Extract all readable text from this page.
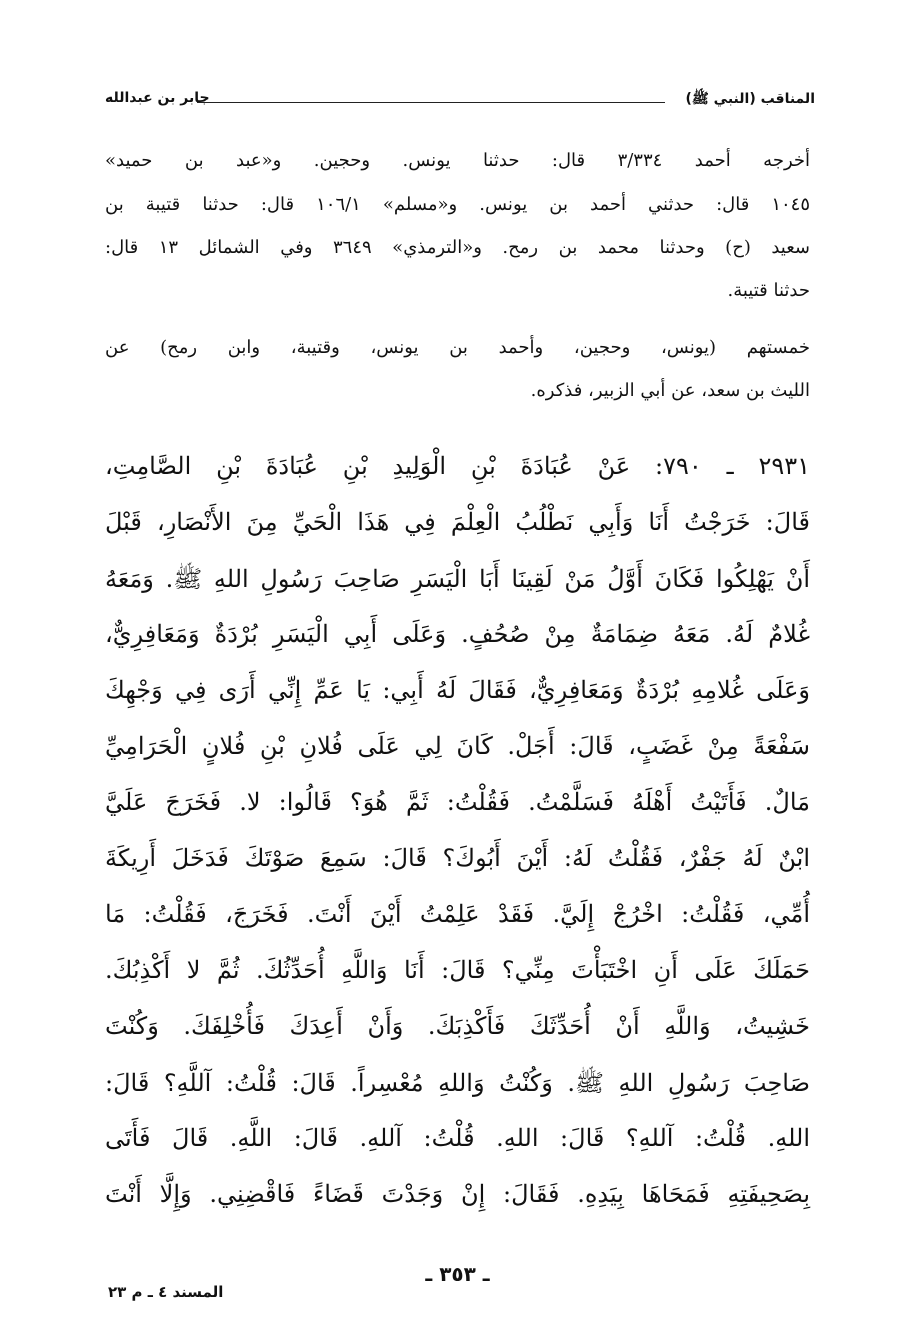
المناقب (النبي ﷺ)
جابر بن عبدالله
أخرجه أحمد ٣/٣٣٤ قال: حدثنا يونس. وحجين. و«عبد بن حميد»
١٠٤٥ قال: حدثني أحمد بن يونس. و«مسلم» ١٠٦/١ قال: حدثنا قتيبة بن
سعيد (ح) وحدثنا محمد بن رمح. و«الترمذي» ٣٦٤٩ وفي الشمائل ١٣ قال:
حدثنا قتيبة.
خمستهم (يونس، وحجين، وأحمد بن يونس، وقتيبة، وابن رمح) عن
الليث بن سعد، عن أبي الزبير، فذكره.
٢٩٣١ ـ ٧٩٠: عَنْ عُبَادَةَ بْنِ الْوَلِيدِ بْنِ عُبَادَةَ بْنِ الصَّامِتِ،
قَالَ: خَرَجْتُ أَنَا وَأَبِي نَطْلُبُ الْعِلْمَ فِي هَذَا الْحَيِّ مِنَ الأَنْصَارِ، قَبْلَ
أَنْ يَهْلِكُوا فَكَانَ أَوَّلُ مَنْ لَقِينَا أَبَا الْيَسَرِ صَاحِبَ رَسُولِ اللهِ ﷺ. وَمَعَهُ
غُلامٌ لَهُ. مَعَهُ ضِمَامَةٌ مِنْ صُحُفٍ. وَعَلَى أَبِي الْيَسَرِ بُرْدَةٌ وَمَعَافِرِيٌّ،
وَعَلَى غُلامِهِ بُرْدَةٌ وَمَعَافِرِيٌّ، فَقَالَ لَهُ أَبِي: يَا عَمِّ إِنِّي أَرَى فِي وَجْهِكَ
سَفْعَةً مِنْ غَضَبٍ، قَالَ: أَجَلْ. كَانَ لِي عَلَى فُلانِ بْنِ فُلانٍ الْحَرَامِيِّ
مَالٌ. فَأَتَيْتُ أَهْلَهُ فَسَلَّمْتُ. فَقُلْتُ: ثَمَّ هُوَ؟ قَالُوا: لا. فَخَرَجَ عَلَيَّ
ابْنٌ لَهُ جَفْرٌ، فَقُلْتُ لَهُ: أَيْنَ أَبُوكَ؟ قَالَ: سَمِعَ صَوْتَكَ فَدَخَلَ أَرِيكَةَ
أُمِّي، فَقُلْتُ: اخْرُجْ إِلَيَّ. فَقَدْ عَلِمْتُ أَيْنَ أَنْتَ. فَخَرَجَ، فَقُلْتُ: مَا
حَمَلَكَ عَلَى أَنِ اخْتَبَأْتَ مِنِّي؟ قَالَ: أَنَا وَاللَّهِ أُحَدِّثُكَ. ثُمَّ لا أَكْذِبُكَ.
خَشِيتُ، وَاللَّهِ أَنْ أُحَدِّثَكَ فَأَكْذِبَكَ. وَأَنْ أَعِدَكَ فَأُخْلِفَكَ. وَكُنْتَ
صَاحِبَ رَسُولِ اللهِ ﷺ. وَكُنْتُ وَاللهِ مُعْسِراً. قَالَ: قُلْتُ: آللَّهِ؟ قَالَ:
اللهِ. قُلْتُ: آللهِ؟ قَالَ: اللهِ. قُلْتُ: آللهِ. قَالَ: اللَّهِ. قَالَ فَأَتَى
بِصَحِيفَتِهِ فَمَحَاهَا بِيَدِهِ. فَقَالَ: إِنْ وَجَدْتَ قَضَاءً فَاقْضِنِي. وَإِلَّا أَنْتَ
ـ ٣٥٣ ـ
المسند ٤ ـ م ٢٣
